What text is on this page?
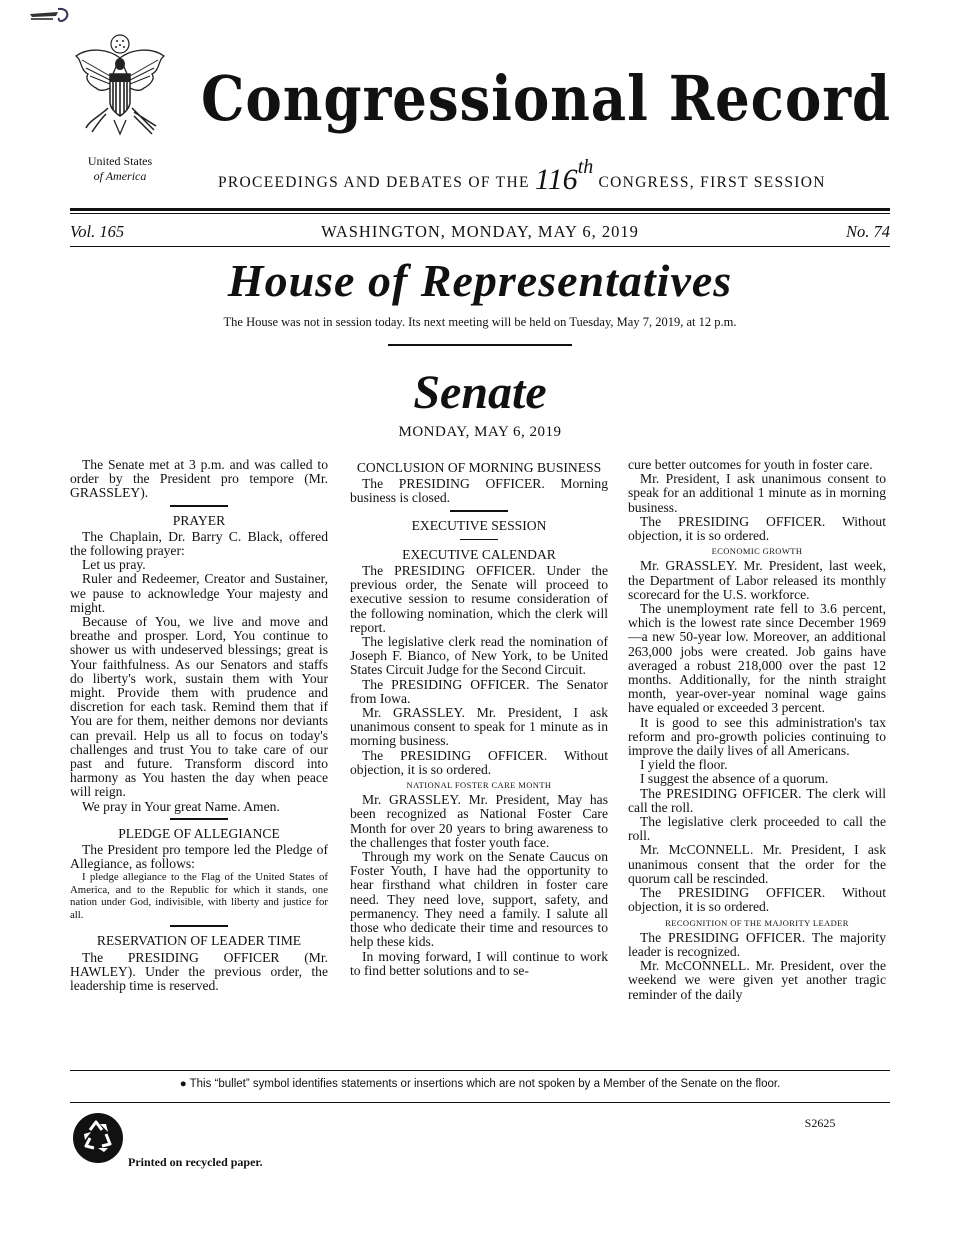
United States
of America
Congressional Record
PROCEEDINGS AND DEBATES OF THE 116th CONGRESS, FIRST SESSION
Vol. 165	WASHINGTON, MONDAY, MAY 6, 2019	No. 74
House of Representatives
The House was not in session today. Its next meeting will be held on Tuesday, May 7, 2019, at 12 p.m.
Senate
MONDAY, MAY 6, 2019

The Senate met at 3 p.m. and was called to order by the President pro tempore (Mr. GRASSLEY).

PRAYER

The Chaplain, Dr. Barry C. Black, offered the following prayer:

Let us pray.

Ruler and Redeemer, Creator and Sustainer, we pause to acknowledge Your majesty and might.

Because of You, we live and move and breathe and prosper. Lord, You continue to shower us with undeserved blessings; great is Your faithfulness. As our Senators and staffs do liberty's work, sustain them with Your might. Provide them with prudence and discretion for each task. Remind them that if You are for them, neither demons nor deviants can prevail. Help us all to focus on today's challenges and trust You to take care of our past and future. Transform discord into harmony as You hasten the day when peace will reign.

We pray in Your great Name. Amen.

PLEDGE OF ALLEGIANCE

The President pro tempore led the Pledge of Allegiance, as follows:

I pledge allegiance to the Flag of the United States of America, and to the Republic for which it stands, one nation under God, indivisible, with liberty and justice for all.

RESERVATION OF LEADER TIME

The PRESIDING OFFICER (Mr. HAWLEY). Under the previous order, the leadership time is reserved.

CONCLUSION OF MORNING BUSINESS

The PRESIDING OFFICER. Morning business is closed.

EXECUTIVE SESSION
EXECUTIVE CALENDAR

The PRESIDING OFFICER. Under the previous order, the Senate will proceed to executive session to resume consideration of the following nomination, which the clerk will report.

The legislative clerk read the nomination of Joseph F. Bianco, of New York, to be United States Circuit Judge for the Second Circuit.

The PRESIDING OFFICER. The Senator from Iowa.

Mr. GRASSLEY. Mr. President, I ask unanimous consent to speak for 1 minute as in morning business.

The PRESIDING OFFICER. Without objection, it is so ordered.

NATIONAL FOSTER CARE MONTH

Mr. GRASSLEY. Mr. President, May has been recognized as National Foster Care Month for over 20 years to bring awareness to the challenges that foster youth face.

Through my work on the Senate Caucus on Foster Youth, I have had the opportunity to hear firsthand what children in foster care need. They need love, support, safety, and permanency. They need a family. I salute all those who dedicate their time and resources to help these kids.

In moving forward, I will continue to work to find better solutions and to se-

cure better outcomes for youth in foster care.

Mr. President, I ask unanimous consent to speak for an additional 1 minute as in morning business.

The PRESIDING OFFICER. Without objection, it is so ordered.

ECONOMIC GROWTH

Mr. GRASSLEY. Mr. President, last week, the Department of Labor released its monthly scorecard for the U.S. workforce.

The unemployment rate fell to 3.6 percent, which is the lowest rate since December 1969—a new 50-year low. Moreover, an additional 263,000 jobs were created. Job gains have averaged a robust 218,000 over the past 12 months. Additionally, for the ninth straight month, year-over-year nominal wage gains have equaled or exceeded 3 percent.

It is good to see this administration's tax reform and pro-growth policies continuing to improve the daily lives of all Americans.

I yield the floor.

I suggest the absence of a quorum.

The PRESIDING OFFICER. The clerk will call the roll.

The legislative clerk proceeded to call the roll.

Mr. McCONNELL. Mr. President, I ask unanimous consent that the order for the quorum call be rescinded.

The PRESIDING OFFICER. Without objection, it is so ordered.

RECOGNITION OF THE MAJORITY LEADER

The PRESIDING OFFICER. The majority leader is recognized.

Mr. McCONNELL. Mr. President, over the weekend we were given yet another tragic reminder of the daily

● This “bullet” symbol identifies statements or insertions which are not spoken by a Member of the Senate on the floor.
S2625
Printed on recycled paper.
